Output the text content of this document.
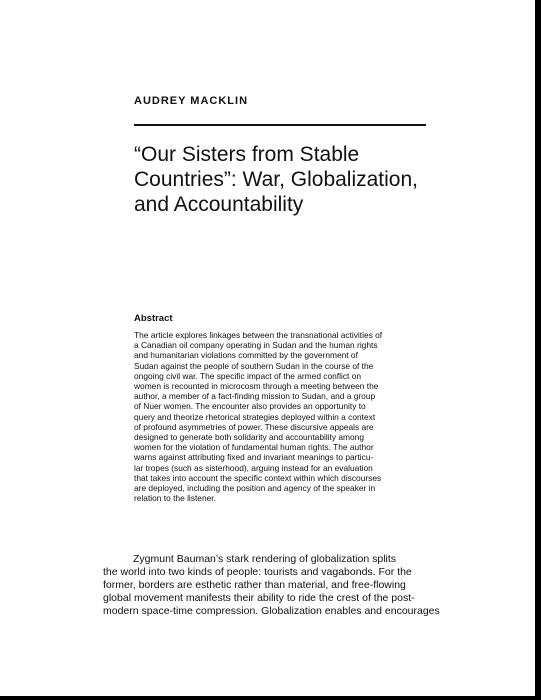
AUDREY MACKLIN
“Our Sisters from Stable
Countries”: War, Globalization,
and Accountability
Abstract
The article explores linkages between the transnational activities of
a Canadian oil company operating in Sudan and the human rights
and humanitarian violations committed by the government of
Sudan against the people of southern Sudan in the course of the
ongoing civil war. The specific impact of the armed conflict on
women is recounted in microcosm through a meeting between the
author, a member of a fact-finding mission to Sudan, and a group
of Nuer women. The encounter also provides an opportunity to
query and theorize rhetorical strategies deployed within a context
of profound asymmetries of power. These discursive appeals are
designed to generate both solidarity and accountability among
women for the violation of fundamental human rights. The author
warns against attributing fixed and invariant meanings to particu-
lar tropes (such as sisterhood), arguing instead for an evaluation
that takes into account the specific context within which discourses
are deployed, including the position and agency of the speaker in
relation to the listener.
Zygmunt Bauman’s stark rendering of globalization splits
the world into two kinds of people: tourists and vagabonds. For the
former, borders are esthetic rather than material, and free-flowing
global movement manifests their ability to ride the crest of the post-
modern space-time compression. Globalization enables and encourages
